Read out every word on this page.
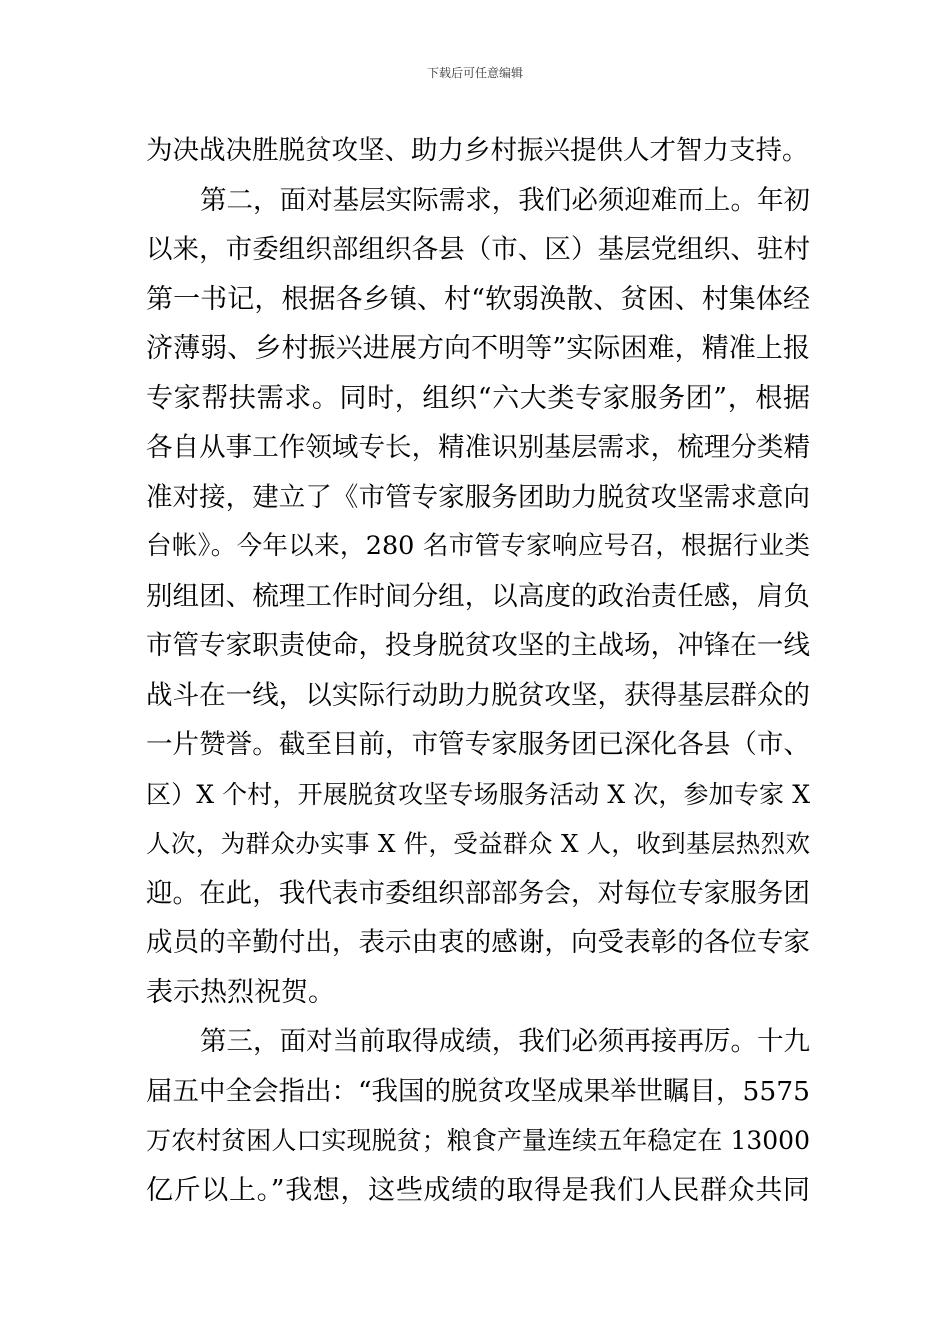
下载后可任意编辑
为决战决胜脱贫攻坚、助力乡村振兴提供人才智力支持。
第二，面对基层实际需求，我们必须迎难而上。年初
以来，市委组织部组织各县（市、区）基层党组织、驻村
第一书记，根据各乡镇、村“软弱涣散、贫困、村集体经
济薄弱、乡村振兴进展方向不明等”实际困难，精准上报
专家帮扶需求。同时，组织“六大类专家服务团”，根据
各自从事工作领域专长，精准识别基层需求，梳理分类精
准对接，建立了《市管专家服务团助力脱贫攻坚需求意向
台帐》。今年以来，280 名市管专家响应号召，根据行业类
别组团、梳理工作时间分组，以高度的政治责任感，肩负
市管专家职责使命，投身脱贫攻坚的主战场，冲锋在一线
战斗在一线，以实际行动助力脱贫攻坚，获得基层群众的
一片赞誉。截至目前，市管专家服务团已深化各县（市、
区）X 个村，开展脱贫攻坚专场服务活动 X 次，参加专家 X
人次，为群众办实事 X 件，受益群众 X 人，收到基层热烈欢
迎。在此，我代表市委组织部部务会，对每位专家服务团
成员的辛勤付出，表示由衷的感谢，向受表彰的各位专家
表示热烈祝贺。
第三，面对当前取得成绩，我们必须再接再厉。十九
届五中全会指出：“我国的脱贫攻坚成果举世瞩目，5575
万农村贫困人口实现脱贫；粮食产量连续五年稳定在 13000
亿斤以上。”我想，这些成绩的取得是我们人民群众共同
